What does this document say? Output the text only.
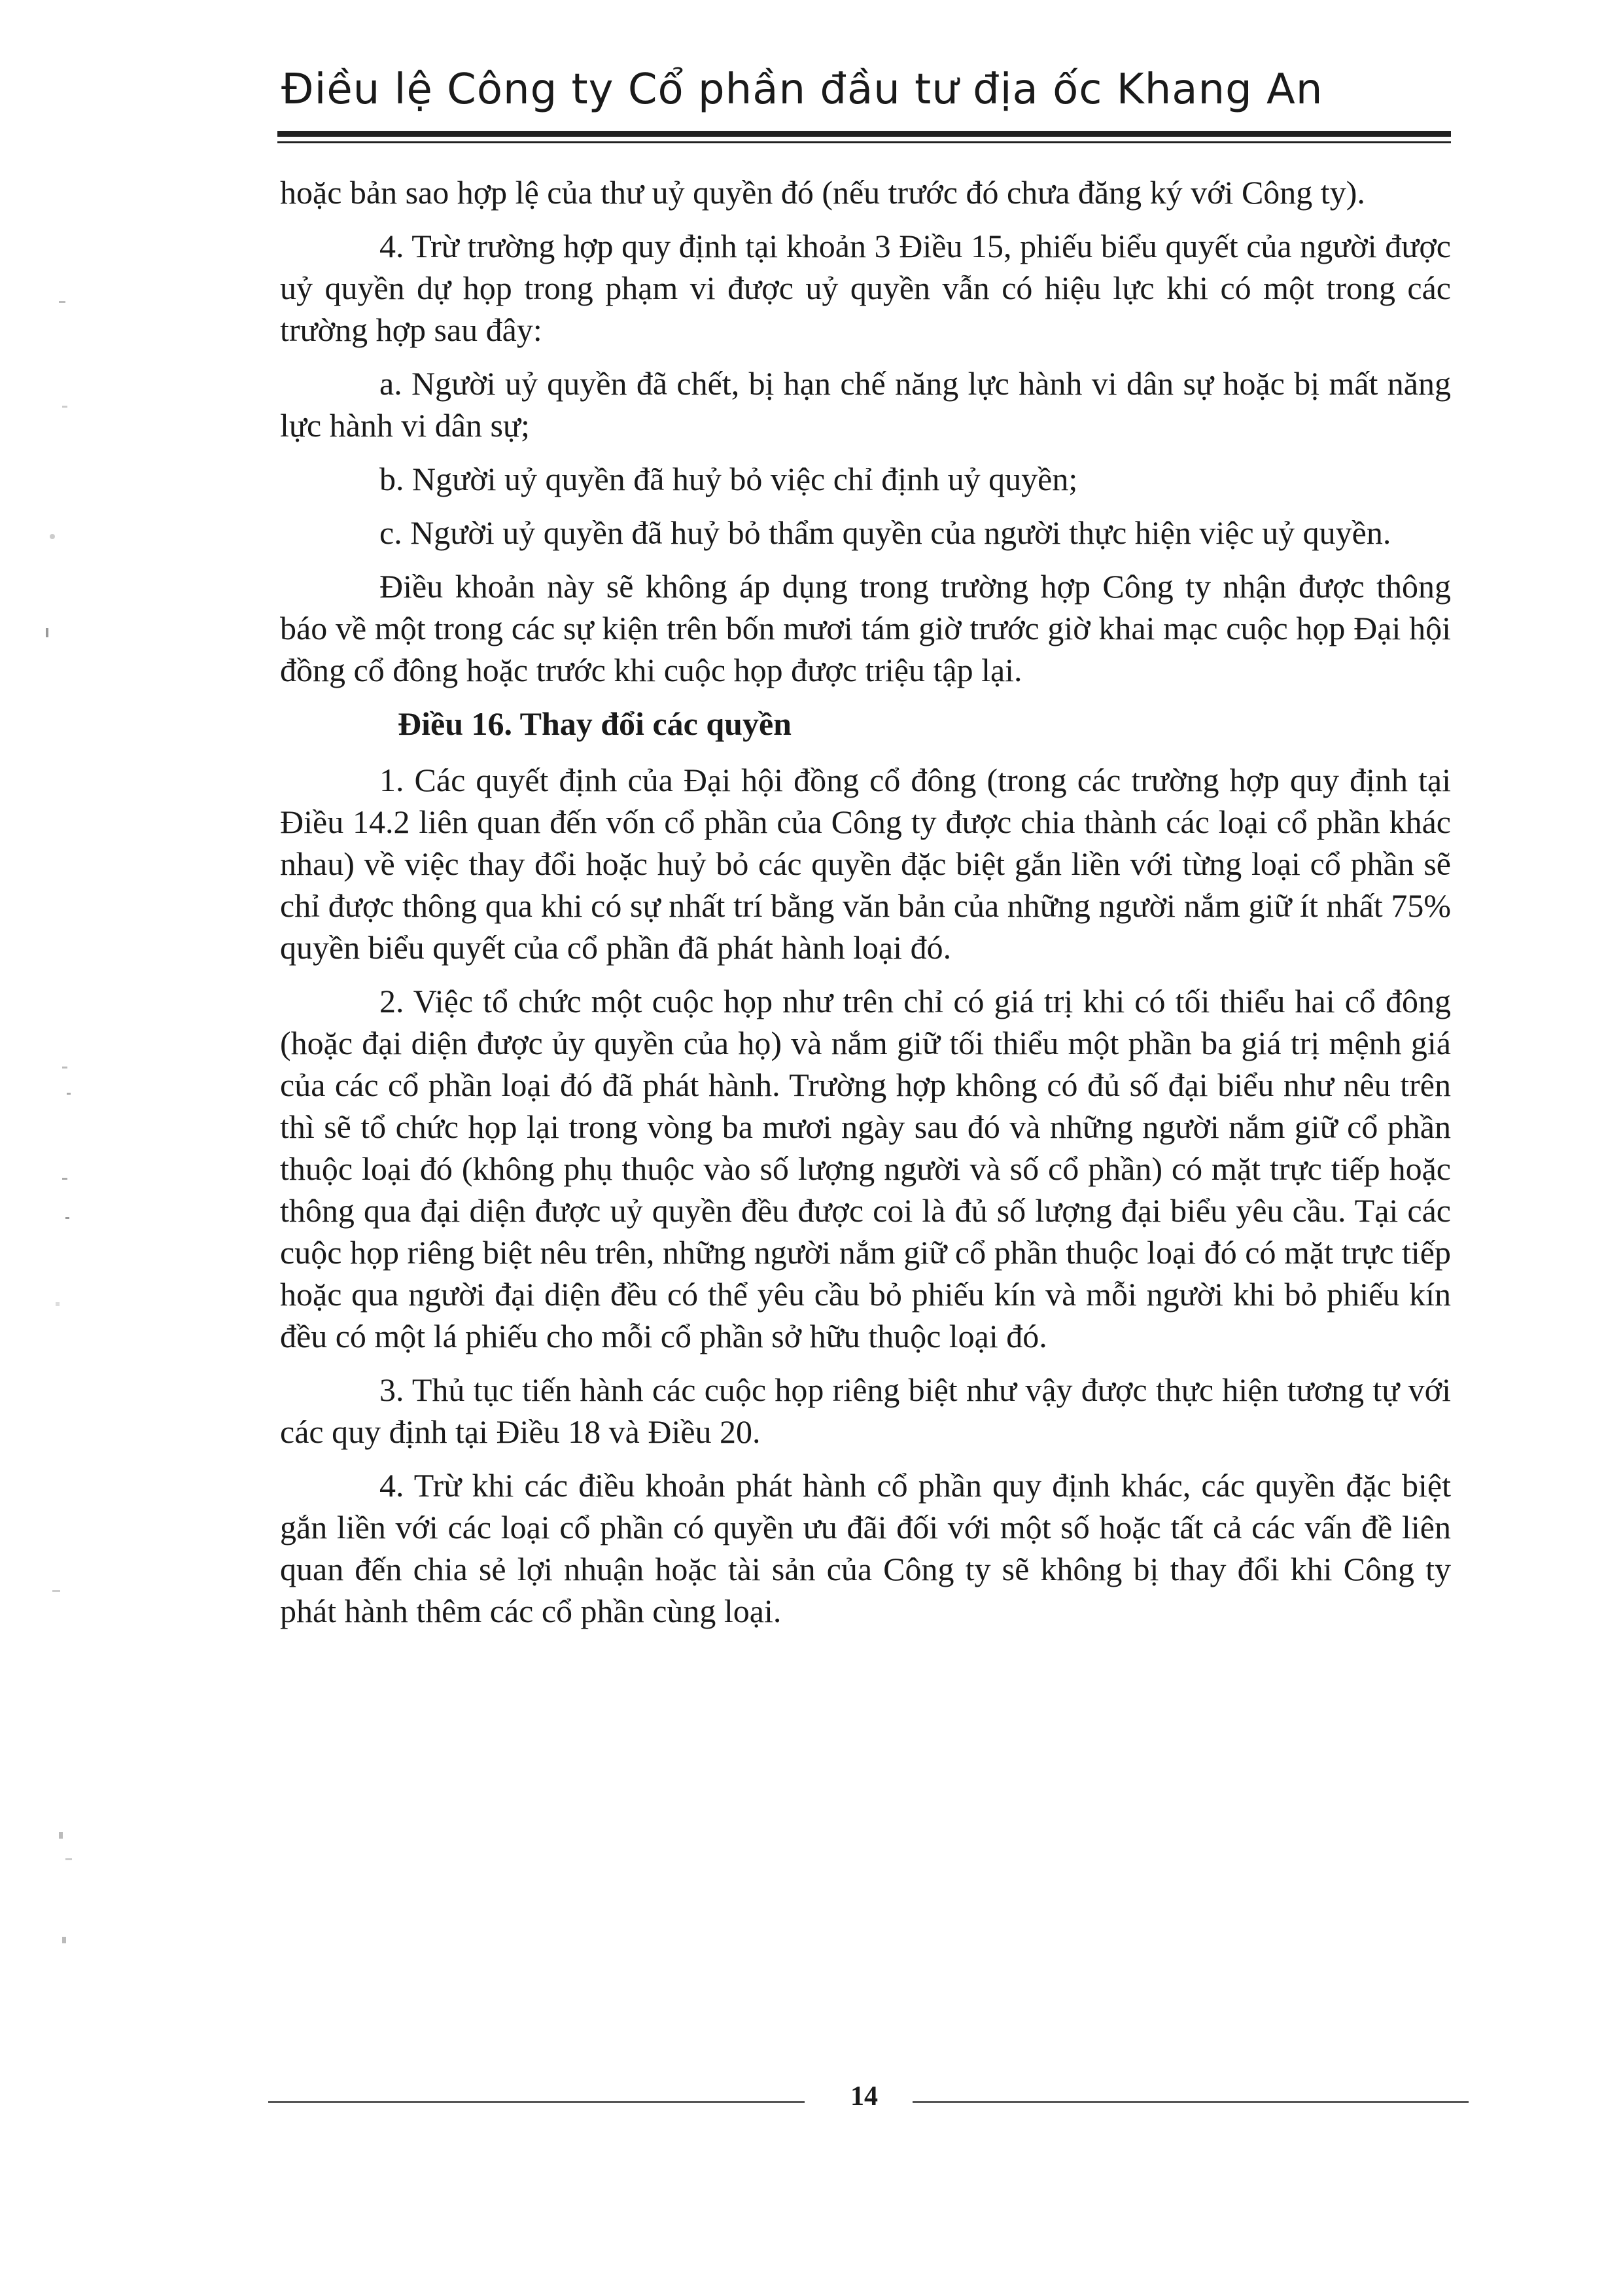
Điều lệ Công ty Cổ phần đầu tư địa ốc Khang An

hoặc bản sao hợp lệ của thư uỷ quyền đó (nếu trước đó chưa đăng ký với Công ty).

4. Trừ trường hợp quy định tại khoản 3 Điều 15, phiếu biểu quyết của người được uỷ quyền dự họp trong phạm vi được uỷ quyền vẫn có hiệu lực khi có một trong các trường hợp sau đây:

a. Người uỷ quyền đã chết, bị hạn chế năng lực hành vi dân sự hoặc bị mất năng lực hành vi dân sự;

b. Người uỷ quyền đã huỷ bỏ việc chỉ định uỷ quyền;

c. Người uỷ quyền đã huỷ bỏ thẩm quyền của người thực hiện việc uỷ quyền.

Điều khoản này sẽ không áp dụng trong trường hợp Công ty nhận được thông báo về một trong các sự kiện trên bốn mươi tám giờ trước giờ khai mạc cuộc họp Đại hội đồng cổ đông hoặc trước khi cuộc họp được triệu tập lại.

Điều 16. Thay đổi các quyền

1. Các quyết định của Đại hội đồng cổ đông (trong các trường hợp quy định tại Điều 14.2 liên quan đến vốn cổ phần của Công ty được chia thành các loại cổ phần khác nhau) về việc thay đổi hoặc huỷ bỏ các quyền đặc biệt gắn liền với từng loại cổ phần sẽ chỉ được thông qua khi có sự nhất trí bằng văn bản của những người nắm giữ ít nhất 75% quyền biểu quyết của cổ phần đã phát hành loại đó.

2. Việc tổ chức một cuộc họp như trên chỉ có giá trị khi có tối thiểu hai cổ đông (hoặc đại diện được ủy quyền của họ) và nắm giữ tối thiểu một phần ba giá trị mệnh giá của các cổ phần loại đó đã phát hành. Trường hợp không có đủ số đại biểu như nêu trên thì sẽ tổ chức họp lại trong vòng ba mươi ngày sau đó và những người nắm giữ cổ phần thuộc loại đó (không phụ thuộc vào số lượng người và số cổ phần) có mặt trực tiếp hoặc thông qua đại diện được uỷ quyền đều được coi là đủ số lượng đại biểu yêu cầu. Tại các cuộc họp riêng biệt nêu trên, những người nắm giữ cổ phần thuộc loại đó có mặt trực tiếp hoặc qua người đại diện đều có thể yêu cầu bỏ phiếu kín và mỗi người khi bỏ phiếu kín đều có một lá phiếu cho mỗi cổ phần sở hữu thuộc loại đó.

3. Thủ tục tiến hành các cuộc họp riêng biệt như vậy được thực hiện tương tự với các quy định tại Điều 18 và Điều 20.

4. Trừ khi các điều khoản phát hành cổ phần quy định khác, các quyền đặc biệt gắn liền với các loại cổ phần có quyền ưu đãi đối với một số hoặc tất cả các vấn đề liên quan đến chia sẻ lợi nhuận hoặc tài sản của Công ty sẽ không bị thay đổi khi Công ty phát hành thêm các cổ phần cùng loại.

14
